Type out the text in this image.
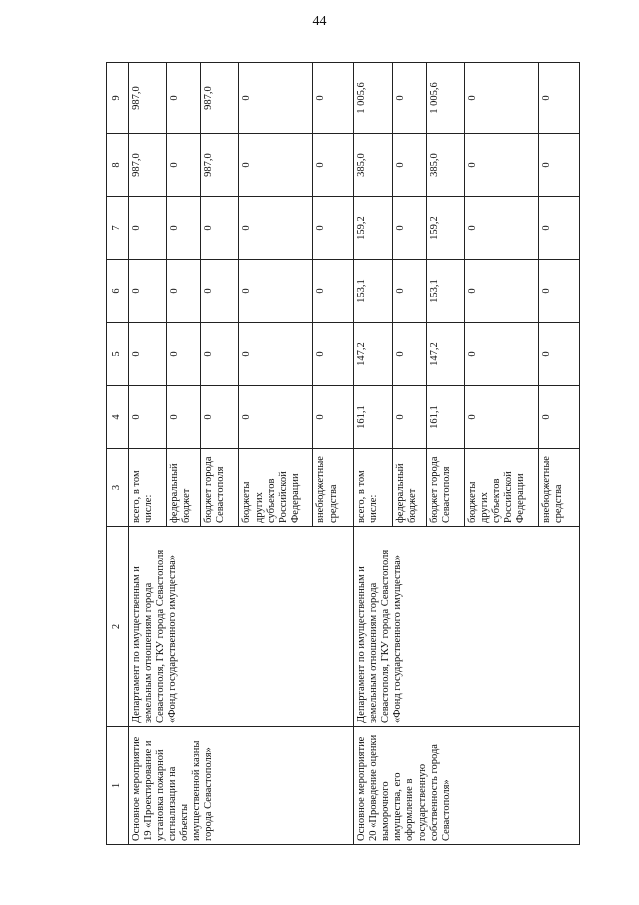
44
1	2	3	4	5	6	7	8	9
Основное мероприятие 19 «Проектирование и установка пожарной сигнализации на объекты имущественной казны города Севастополя»	Департамент по имущественным и земельным отношениям города Севастополя, ГКУ города Севастополя «Фонд государственного имущества»	всего, в том числе:	0	0	0	0	987,0	987,0
		федеральный бюджет	0	0	0	0	0	0
		бюджет города Севастополя	0	0	0	0	987,0	987,0
		бюджеты других субъектов Российской Федерации	0	0	0	0	0	0
		внебюджетные средства	0	0	0	0	0	0
Основное мероприятие 20 «Проведение оценки выморочного имущества, его оформление в государственную собственность города Севастополя»	Департамент по имущественным и земельным отношениям города Севастополя, ГКУ города Севастополя «Фонд государственного имущества»	всего, в том числе:	161,1	147,2	153,1	159,2	385,0	1 005,6
		федеральный бюджет	0	0	0	0	0	0
		бюджет города Севастополя	161,1	147,2	153,1	159,2	385,0	1 005,6
		бюджеты других субъектов Российской Федерации	0	0	0	0	0	0
		внебюджетные средства	0	0	0	0	0	0
